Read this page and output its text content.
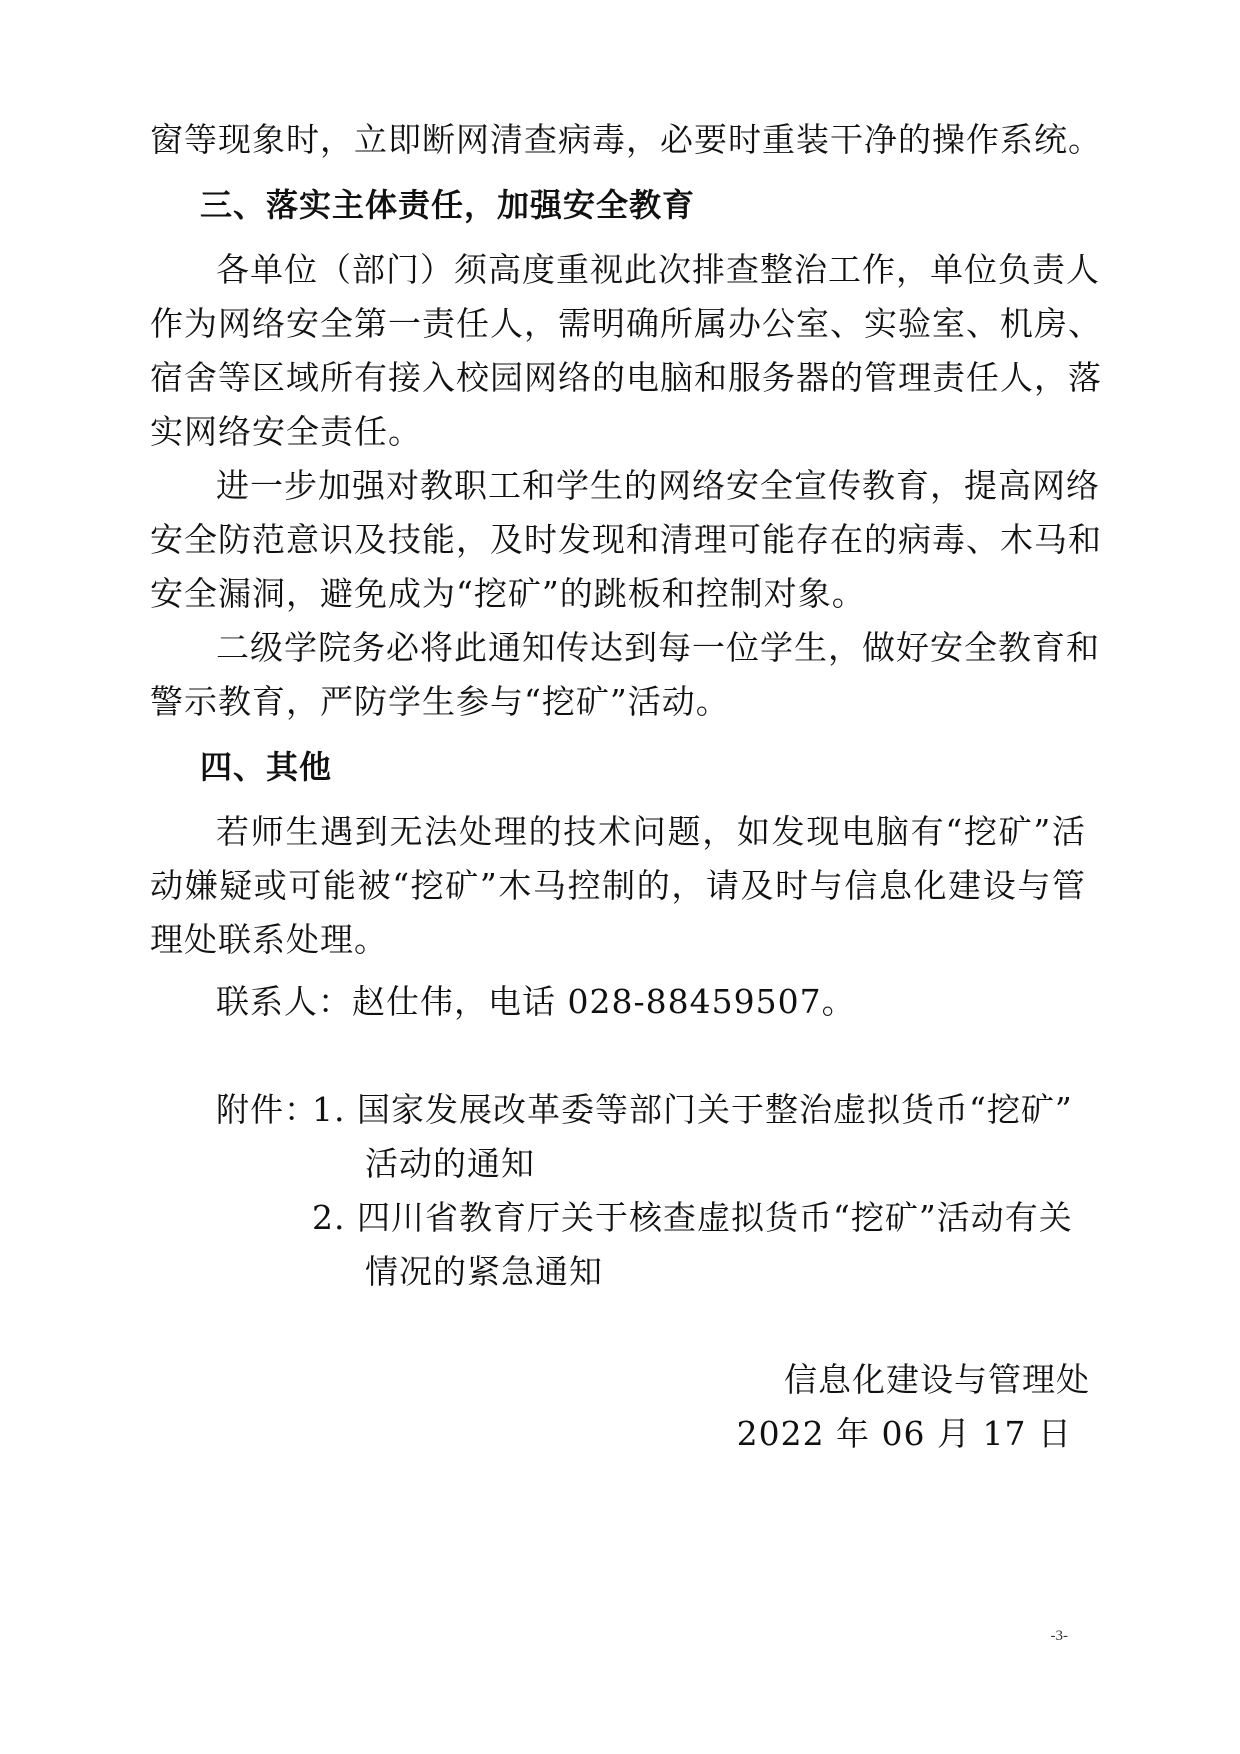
窗等现象时，立即断网清查病毒，必要时重装干净的操作系统。
三、落实主体责任，加强安全教育
各单位（部门）须高度重视此次排查整治工作，单位负责人
作为网络安全第一责任人，需明确所属办公室、实验室、机房、
宿舍等区域所有接入校园网络的电脑和服务器的管理责任人，落
实网络安全责任。
进一步加强对教职工和学生的网络安全宣传教育，提高网络
安全防范意识及技能，及时发现和清理可能存在的病毒、木马和
安全漏洞，避免成为“挖矿”的跳板和控制对象。
二级学院务必将此通知传达到每一位学生，做好安全教育和
警示教育，严防学生参与“挖矿”活动。
四、其他
若师生遇到无法处理的技术问题，如发现电脑有“挖矿”活
动嫌疑或可能被“挖矿”木马控制的，请及时与信息化建设与管
理处联系处理。
联系人：赵仕伟，电话 028-88459507。
附件：
1. 国家发展改革委等部门关于整治虚拟货币“挖矿”
活动的通知
2. 四川省教育厅关于核查虚拟货币“挖矿”活动有关
情况的紧急通知
信息化建设与管理处
2022 年 06 月 17 日
-3-
